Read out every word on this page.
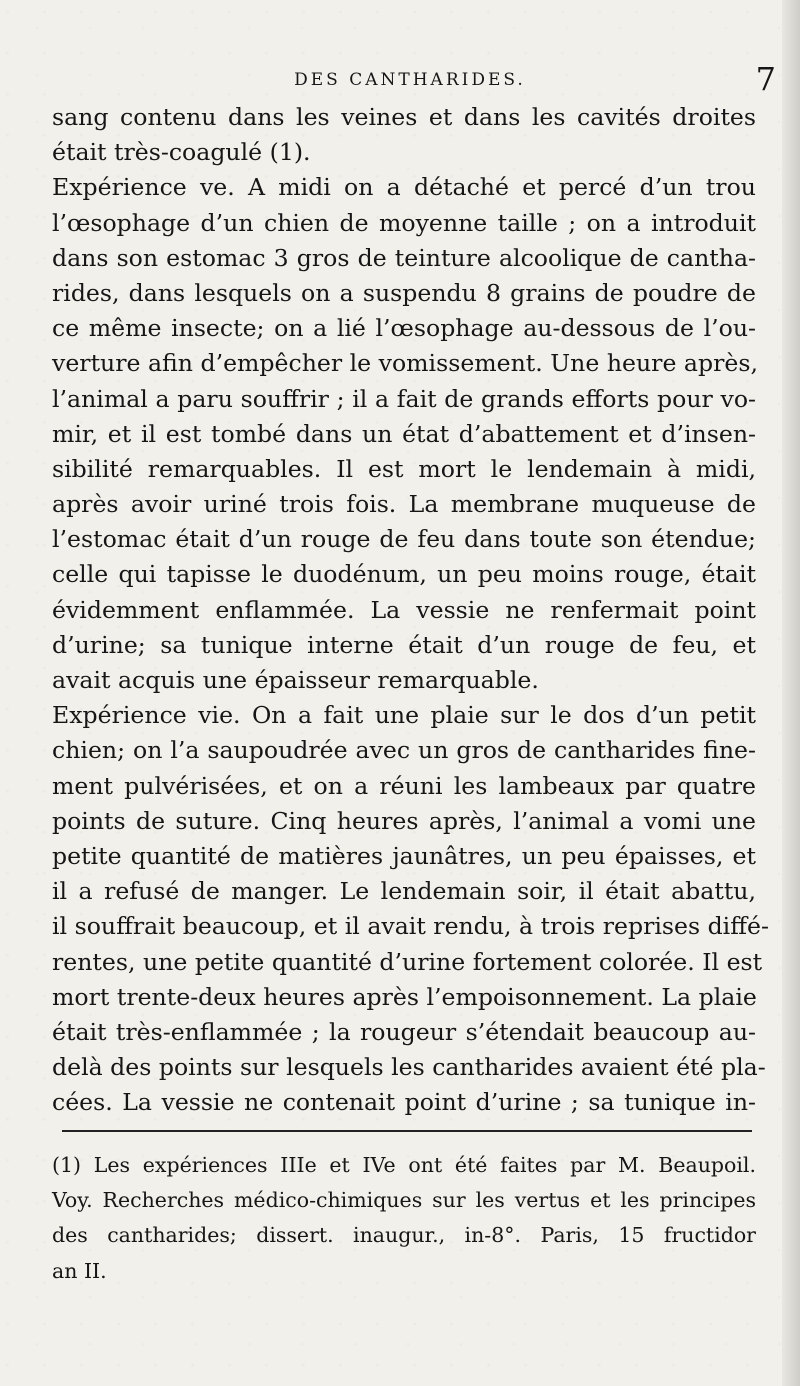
DES CANTHARIDES.	7
sang contenu dans les veines et dans les cavités droites
était très-coagulé (1).
Expérience ve. A midi on a détaché et percé d’un trou
l’œsophage d’un chien de moyenne taille ; on a introduit
dans son estomac 3 gros de teinture alcoolique de cantha-
rides, dans lesquels on a suspendu 8 grains de poudre de
ce même insecte; on a lié l’œsophage au-dessous de l’ou-
verture afin d’empêcher le vomissement. Une heure après,
l’animal a paru souffrir ; il a fait de grands efforts pour vo-
mir, et il est tombé dans un état d’abattement et d’insen-
sibilité remarquables. Il est mort le lendemain à midi,
après avoir uriné trois fois. La membrane muqueuse de
l’estomac était d’un rouge de feu dans toute son étendue;
celle qui tapisse le duodénum, un peu moins rouge, était
évidemment enflammée. La vessie ne renfermait point
d’urine; sa tunique interne était d’un rouge de feu, et
avait acquis une épaisseur remarquable.
Expérience vie. On a fait une plaie sur le dos d’un petit
chien; on l’a saupoudrée avec un gros de cantharides fine-
ment pulvérisées, et on a réuni les lambeaux par quatre
points de suture. Cinq heures après, l’animal a vomi une
petite quantité de matières jaunâtres, un peu épaisses, et
il a refusé de manger. Le lendemain soir, il était abattu,
il souffrait beaucoup, et il avait rendu, à trois reprises diffé-
rentes, une petite quantité d’urine fortement colorée. Il est
mort trente-deux heures après l’empoisonnement. La plaie
était très-enflammée ; la rougeur s’étendait beaucoup au-
delà des points sur lesquels les cantharides avaient été pla-
cées. La vessie ne contenait point d’urine ; sa tunique in-
(1) Les expériences IIIe et IVe ont été faites par M. Beaupoil.
Voy. Recherches médico-chimiques sur les vertus et les principes
des cantharides; dissert. inaugur., in-8°. Paris, 15 fructidor
an II.
